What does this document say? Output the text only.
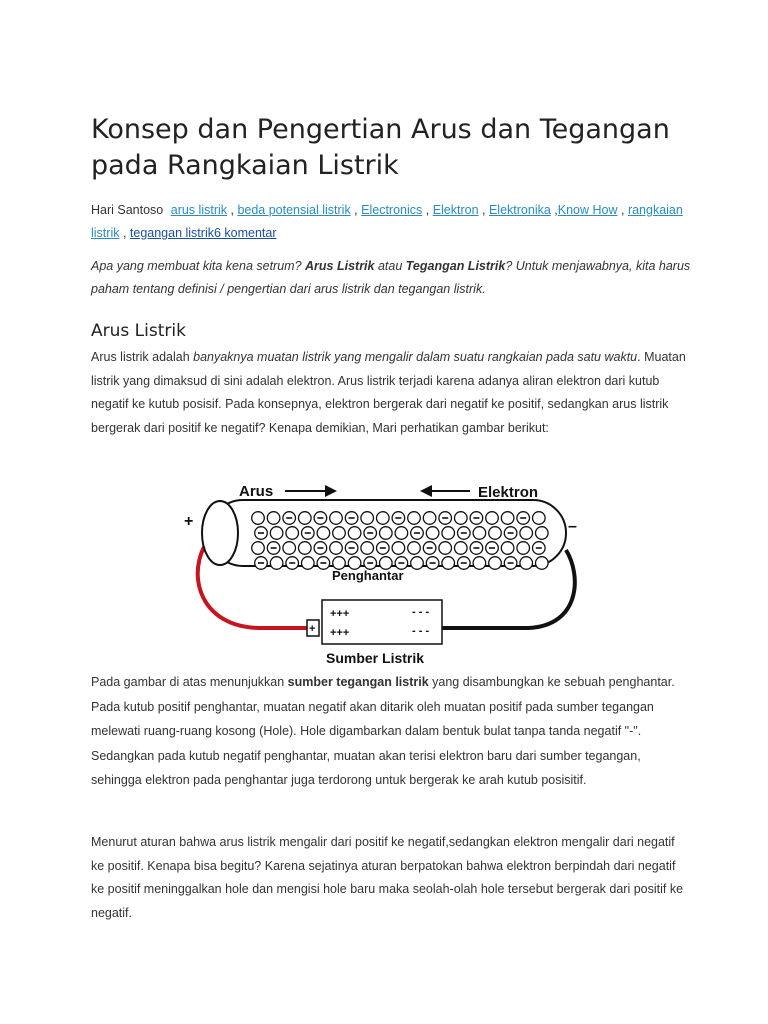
Konsep dan Pengertian Arus dan Tegangan pada Rangkaian Listrik
Hari Santoso arus listrik , beda potensial listrik , Electronics , Elektron , Elektronika ,Know How , rangkaian listrik , tegangan listrik6 komentar
Apa yang membuat kita kena setrum? Arus Listrik atau Tegangan Listrik? Untuk menjawabnya, kita harus paham tentang definisi / pengertian dari arus listrik dan tegangan listrik.
Arus Listrik

Arus listrik adalah banyaknya muatan listrik yang mengalir dalam suatu rangkaian pada satu waktu. Muatan listrik yang dimaksud di sini adalah elektron. Arus listrik terjadi karena adanya aliran elektron dari kutub negatif ke kutub posisif. Pada konsepnya, elektron bergerak dari negatif ke positif, sedangkan arus listrik bergerak dari positif ke negatif? Kenapa demikian, Mari perhatikan gambar berikut:

Arus	Elektron
Penghantar
+	–
+
+++
+++
- - -
- - -
Sumber Listrik

Pada gambar di atas menunjukkan sumber tegangan listrik yang disambungkan ke sebuah penghantar. Pada kutub positif penghantar, muatan negatif akan ditarik oleh muatan positif pada sumber tegangan melewati ruang-ruang kosong (Hole). Hole digambarkan dalam bentuk bulat tanpa tanda negatif "-". Sedangkan pada kutub negatif penghantar, muatan akan terisi elektron baru dari sumber tegangan, sehingga elektron pada penghantar juga terdorong untuk bergerak ke arah kutub posisitif.

Menurut aturan bahwa arus listrik mengalir dari positif ke negatif,sedangkan elektron mengalir dari negatif ke positif. Kenapa bisa begitu? Karena sejatinya aturan berpatokan bahwa elektron berpindah dari negatif ke positif meninggalkan hole dan mengisi hole baru maka seolah-olah hole tersebut bergerak dari positif ke negatif.
